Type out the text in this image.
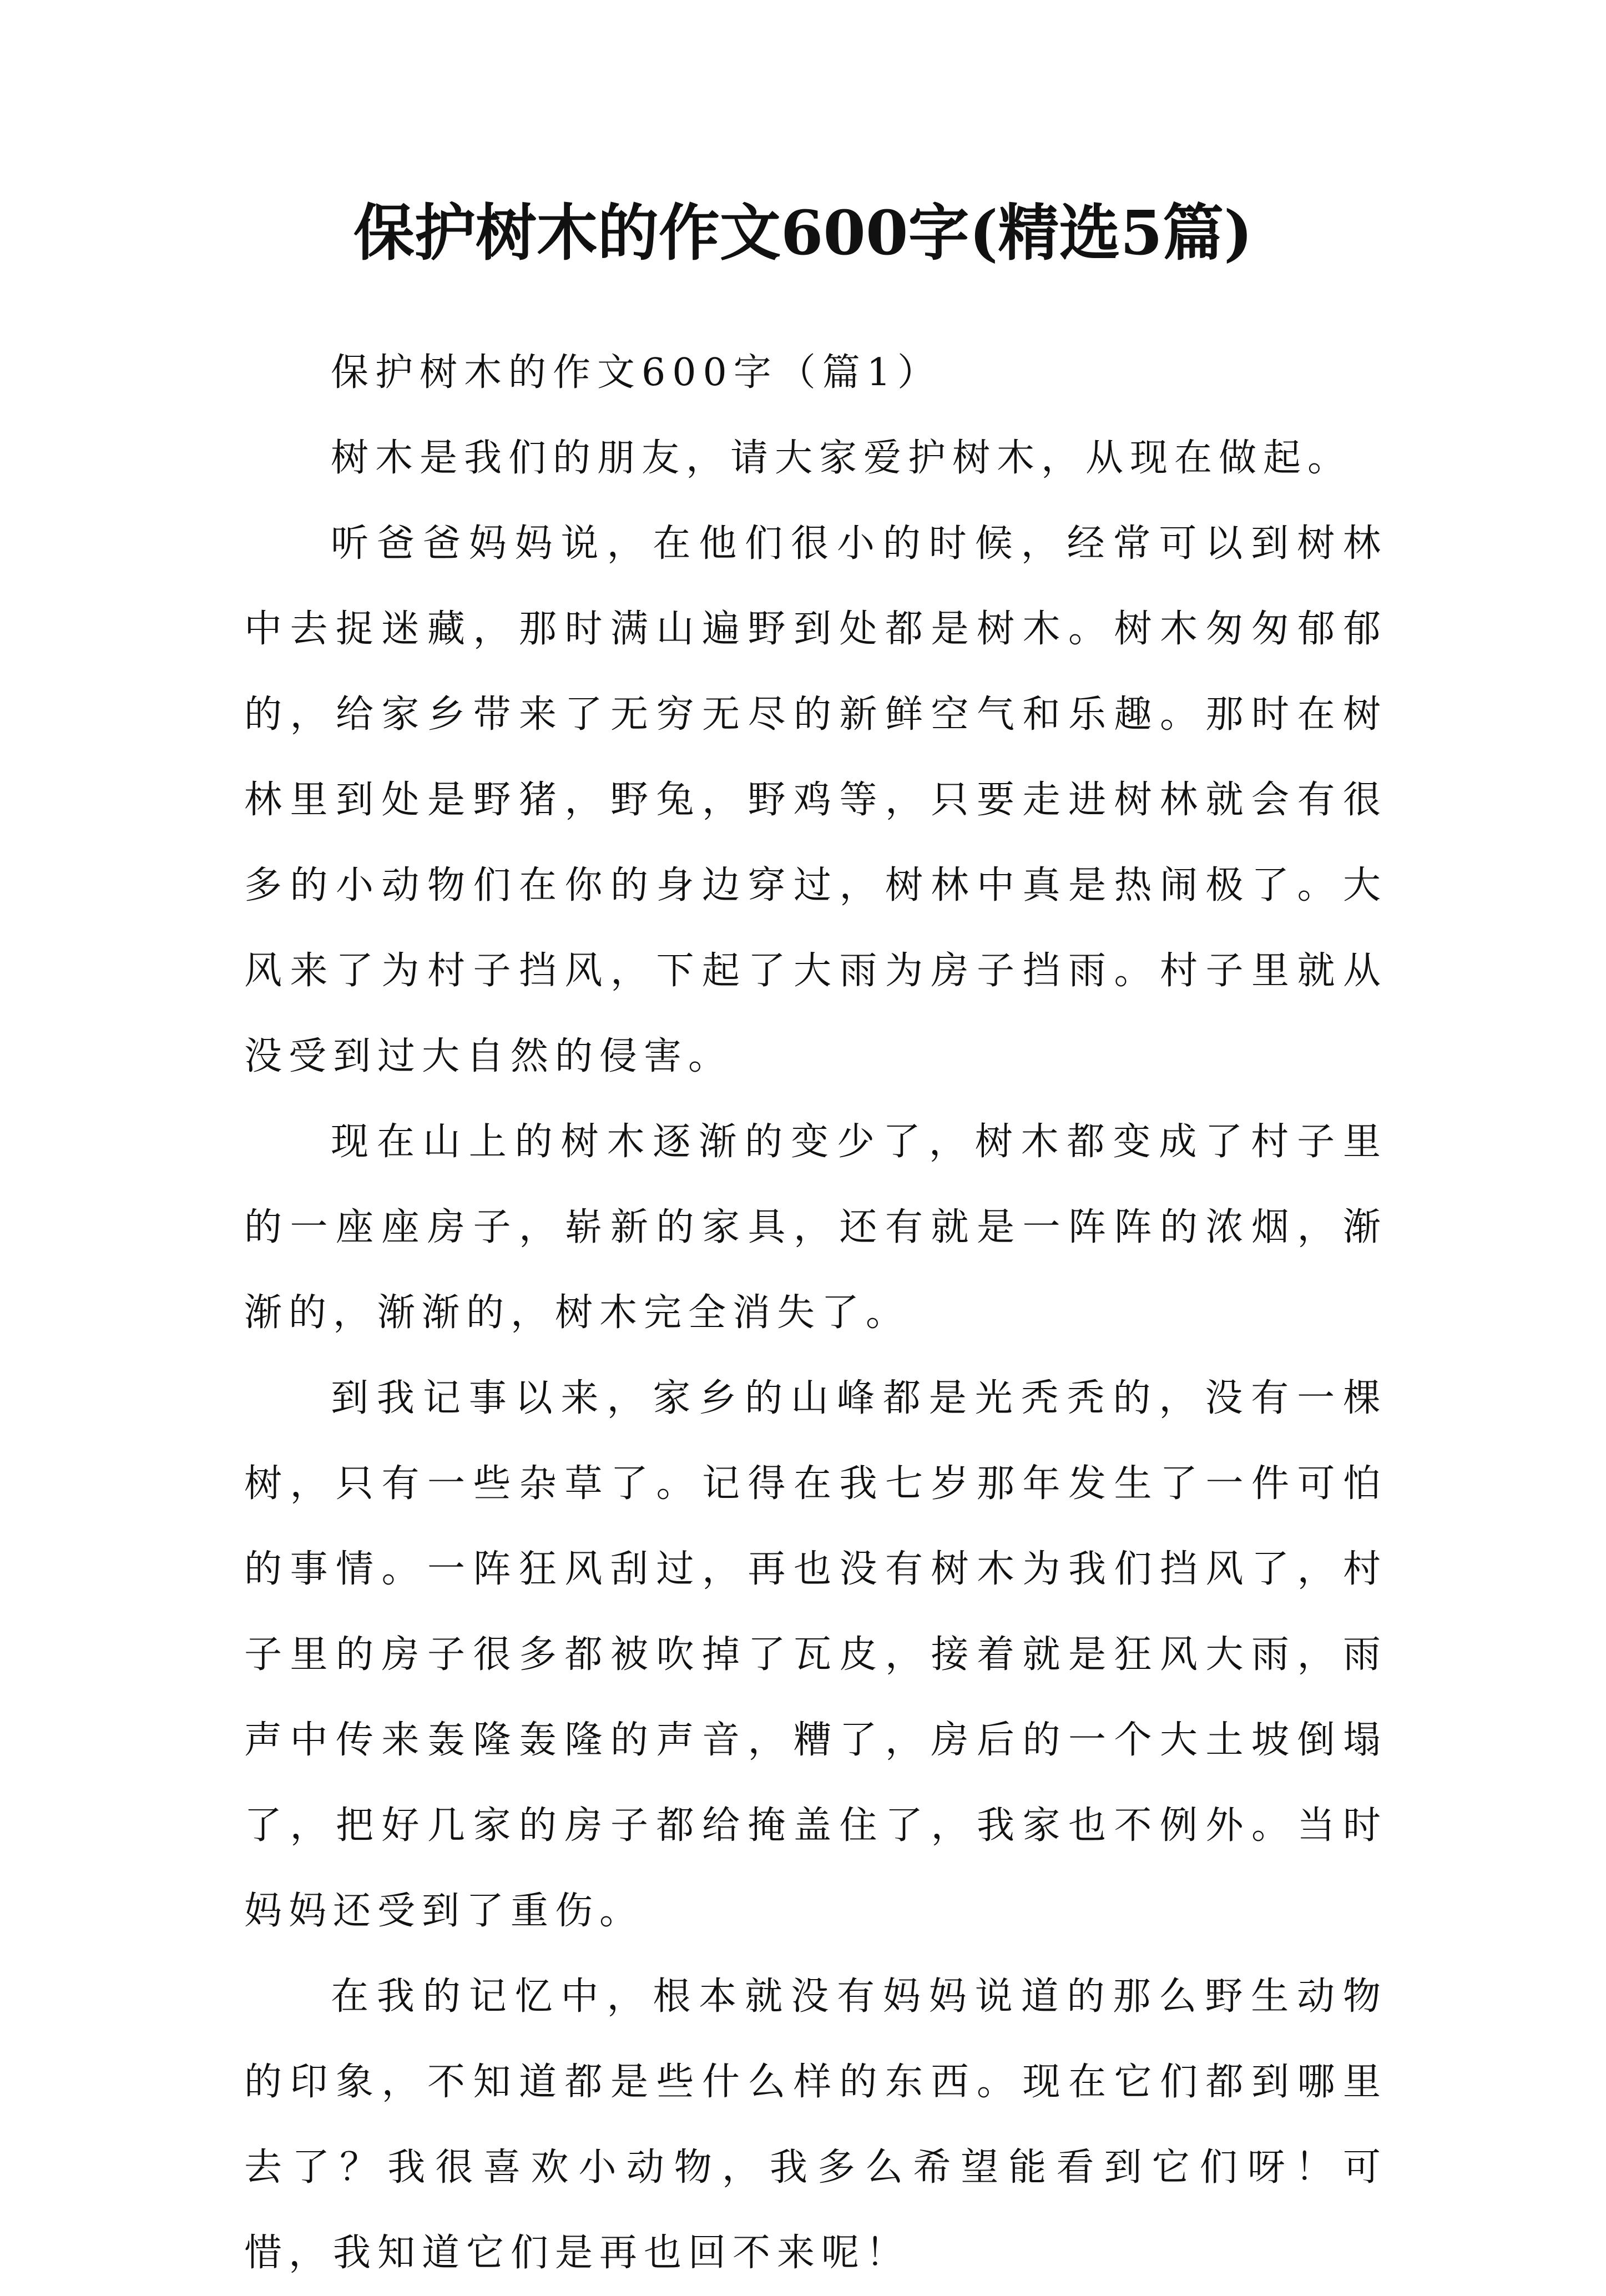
保护树木的作文600字(精选5篇)

保护树木的作文600字（篇1）

树木是我们的朋友，请大家爱护树木，从现在做起。

听爸爸妈妈说，在他们很小的时候，经常可以到树林中去捉迷藏，那时满山遍野到处都是树木。树木匆匆郁郁的，给家乡带来了无穷无尽的新鲜空气和乐趣。那时在树林里到处是野猪，野兔，野鸡等，只要走进树林就会有很多的小动物们在你的身边穿过，树林中真是热闹极了。大风来了为村子挡风，下起了大雨为房子挡雨。村子里就从没受到过大自然的侵害。

现在山上的树木逐渐的变少了，树木都变成了村子里的一座座房子，崭新的家具，还有就是一阵阵的浓烟，渐渐的，渐渐的，树木完全消失了。

到我记事以来，家乡的山峰都是光秃秃的，没有一棵树，只有一些杂草了。记得在我七岁那年发生了一件可怕的事情。一阵狂风刮过，再也没有树木为我们挡风了，村子里的房子很多都被吹掉了瓦皮，接着就是狂风大雨，雨声中传来轰隆轰隆的声音，糟了，房后的一个大土坡倒塌了，把好几家的房子都给掩盖住了，我家也不例外。当时妈妈还受到了重伤。

在我的记忆中，根本就没有妈妈说道的那么野生动物的印象，不知道都是些什么样的东西。现在它们都到哪里去了？我很喜欢小动物，我多么希望能看到它们呀！可惜，我知道它们是再也回不来呢！
